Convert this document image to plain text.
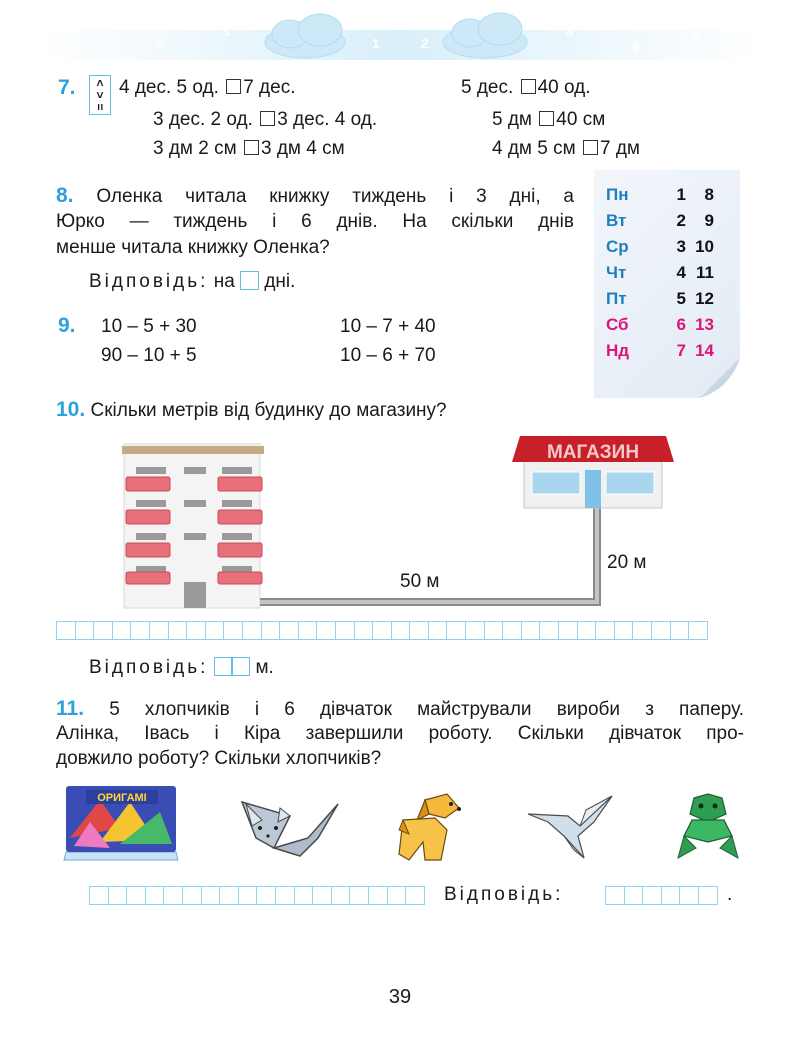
7
5
3
1
0
2
4
6
8
7. <
>
=
4 дес. 5 од. 7 дес.	5 дес. 40 од.
3 дес. 2 од. 3 дес. 4 од.	5 дм 40 см
3 дм 2 см 3 дм 4 см	4 дм 5 см 7 дм
8. Оленка читала книжку тиждень і 3 дні, а
Юрко — тиждень і 6 днів. На скільки днів
менше читала книжку Оленка?
Відповідь: на дні.
Пн	1	8
Вт	2	9
Ср	3	10
Чт	4	11
Пт	5	12
Сб	6	13
Нд	7	14
9. 10 – 5 + 30	10 – 7 + 40
90 – 10 + 5	10 – 6 + 70
10. Скільки метрів від будинку до магазину?
МАГАЗИН
50 м
20 м
Відповідь: м.
11. 5 хлопчиків і 6 дівчаток майстрували вироби з паперу.
Алінка, Івась і Кіра завершили роботу. Скільки дівчаток про-
довжило роботу? Скільки хлопчиків?
ОРИГАМІ
Відповідь:	.
39
